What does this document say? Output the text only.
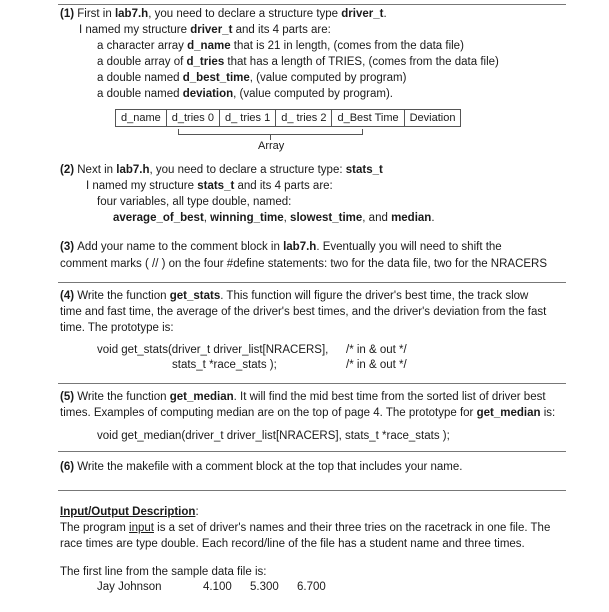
(1) First in lab7.h, you need to declare a structure type driver_t.
I named my structure driver_t and its 4 parts are:
a character array d_name that is 21 in length, (comes from the data file)
a double array of d_tries that has a length of TRIES, (comes from the data file)
a double named d_best_time, (value computed by program)
a double named deviation, (value computed by program).
d_name	d_tries 0	d_ tries 1	d_ tries 2	d_Best Time	Deviation
Array
(2) Next in lab7.h, you need to declare a structure type: stats_t
I named my structure stats_t and its 4 parts are:
four variables, all type double, named:
average_of_best, winning_time, slowest_time, and median.
(3) Add your name to the comment block in lab7.h. Eventually you will need to shift the
comment marks ( // ) on the four #define statements: two for the data file, two for the NRACERS
(4) Write the function get_stats. This function will figure the driver's best time, the track slow
time and fast time, the average of the driver's best times, and the driver's deviation from the fast
time. The prototype is:
void get_stats(driver_t driver_list[NRACERS], /* in & out */
stats_t *race_stats );	/* in & out */
(5) Write the function get_median. It will find the mid best time from the sorted list of driver best
times. Examples of computing median are on the top of page 4. The prototype for get_median is:
void get_median(driver_t driver_list[NRACERS], stats_t *race_stats );
(6) Write the makefile with a comment block at the top that includes your name.
Input/Output Description:
The program input is a set of driver's names and their three tries on the racetrack in one file. The
race times are type double. Each record/line of the file has a student name and three times.
The first line from the sample data file is:
Jay Johnson	4.100 5.300 6.700
